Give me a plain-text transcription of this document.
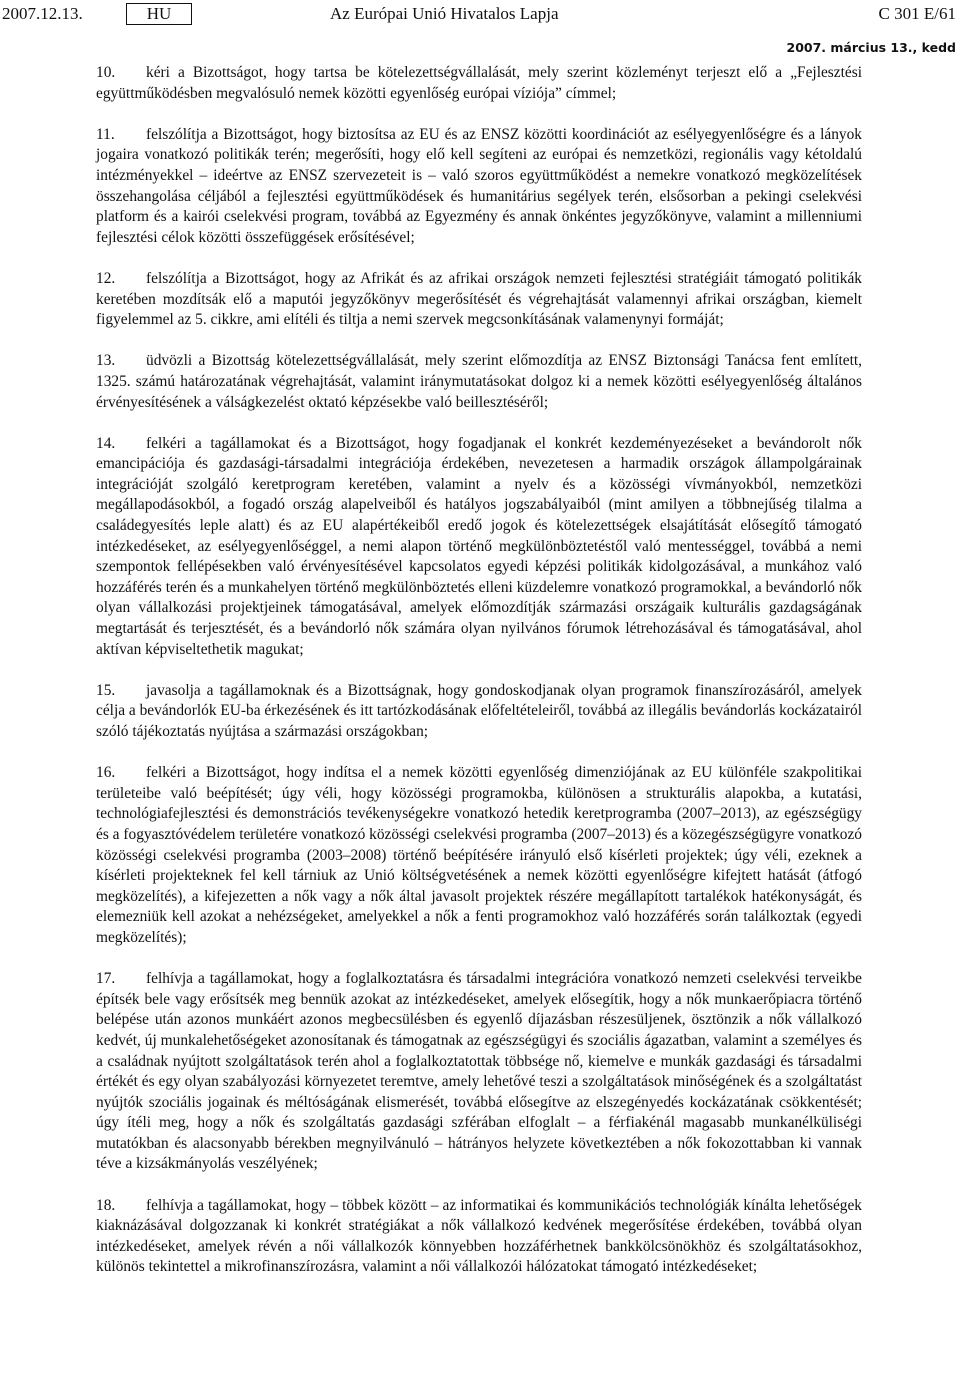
2007.12.13.	HU	Az Európai Unió Hivatalos Lapja	C 301 E/61
2007. március 13., kedd

10. kéri a Bizottságot, hogy tartsa be kötelezettségvállalását, mely szerint közleményt terjeszt elő a „Fejlesztési együttműködésben megvalósuló nemek közötti egyenlőség európai víziója” címmel;

11. felszólítja a Bizottságot, hogy biztosítsa az EU és az ENSZ közötti koordinációt az esélyegyenlőségre és a lányok jogaira vonatkozó politikák terén; megerősíti, hogy elő kell segíteni az európai és nemzetközi, regionális vagy kétoldalú intézményekkel – ideértve az ENSZ szervezeteit is – való szoros együttműködést a nemekre vonatkozó megközelítések összehangolása céljából a fejlesztési együttműködések és humanitárius segélyek terén, elsősorban a pekingi cselekvési platform és a kairói cselekvési program, továbbá az Egyezmény és annak önkéntes jegyzőkönyve, valamint a millenniumi fejlesztési célok közötti összefüggések erősítésével;

12. felszólítja a Bizottságot, hogy az Afrikát és az afrikai országok nemzeti fejlesztési stratégiáit támogató politikák keretében mozdítsák elő a maputói jegyzőkönyv megerősítését és végrehajtását valamennyi afrikai országban, kiemelt figyelemmel az 5. cikkre, ami elítéli és tiltja a nemi szervek megcsonkításának valamenynyi formáját;

13. üdvözli a Bizottság kötelezettségvállalását, mely szerint előmozdítja az ENSZ Biztonsági Tanácsa fent említett, 1325. számú határozatának végrehajtását, valamint iránymutatásokat dolgoz ki a nemek közötti esélyegyenlőség általános érvényesítésének a válságkezelést oktató képzésekbe való beillesztéséről;

14. felkéri a tagállamokat és a Bizottságot, hogy fogadjanak el konkrét kezdeményezéseket a bevándorolt nők emancipációja és gazdasági-társadalmi integrációja érdekében, nevezetesen a harmadik országok állampolgárainak integrációját szolgáló keretprogram keretében, valamint a nyelv és a közösségi vívmányokból, nemzetközi megállapodásokból, a fogadó ország alapelveiből és hatályos jogszabályaiból (mint amilyen a többnejűség tilalma a családegyesítés leple alatt) és az EU alapértékeiből eredő jogok és kötelezettségek elsajátítását elősegítő támogató intézkedéseket, az esélyegyenlőséggel, a nemi alapon történő megkülönböztetéstől való mentességgel, továbbá a nemi szempontok fellépésekben való érvényesítésével kapcsolatos egyedi képzési politikák kidolgozásával, a munkához való hozzáférés terén és a munkahelyen történő megkülönböztetés elleni küzdelemre vonatkozó programokkal, a bevándorló nők olyan vállalkozási projektjeinek támogatásával, amelyek előmozdítják származási országaik kulturális gazdagságának megtartását és terjesztését, és a bevándorló nők számára olyan nyilvános fórumok létrehozásával és támogatásával, ahol aktívan képviseltethetik magukat;

15. javasolja a tagállamoknak és a Bizottságnak, hogy gondoskodjanak olyan programok finanszírozásáról, amelyek célja a bevándorlók EU-ba érkezésének és itt tartózkodásának előfeltételeiről, továbbá az illegális bevándorlás kockázatairól szóló tájékoztatás nyújtása a származási országokban;

16. felkéri a Bizottságot, hogy indítsa el a nemek közötti egyenlőség dimenziójának az EU különféle szakpolitikai területeibe való beépítését; úgy véli, hogy közösségi programokba, különösen a strukturális alapokba, a kutatási, technológiafejlesztési és demonstrációs tevékenységekre vonatkozó hetedik keretprogramba (2007–2013), az egészségügy és a fogyasztóvédelem területére vonatkozó közösségi cselekvési programba (2007–2013) és a közegészségügyre vonatkozó közösségi cselekvési programba (2003–2008) történő beépítésére irányuló első kísérleti projektek; úgy véli, ezeknek a kísérleti projekteknek fel kell tárniuk az Unió költségvetésének a nemek közötti egyenlőségre kifejtett hatását (átfogó megközelítés), a kifejezetten a nők vagy a nők által javasolt projektek részére megállapított tartalékok hatékonyságát, és elemezniük kell azokat a nehézségeket, amelyekkel a nők a fenti programokhoz való hozzáférés során találkoztak (egyedi megközelítés);

17. felhívja a tagállamokat, hogy a foglalkoztatásra és társadalmi integrációra vonatkozó nemzeti cselekvési terveikbe építsék bele vagy erősítsék meg bennük azokat az intézkedéseket, amelyek elősegítik, hogy a nők munkaerőpiacra történő belépése után azonos munkáért azonos megbecsülésben és egyenlő díjazásban részesüljenek, ösztönzik a nők vállalkozó kedvét, új munkalehetőségeket azonosítanak és támogatnak az egészségügyi és szociális ágazatban, valamint a személyes és a családnak nyújtott szolgáltatások terén ahol a foglalkoztatottak többsége nő, kiemelve e munkák gazdasági és társadalmi értékét és egy olyan szabályozási környezetet teremtve, amely lehetővé teszi a szolgáltatások minőségének és a szolgáltatást nyújtók szociális jogainak és méltóságának elismerését, továbbá elősegítve az elszegényedés kockázatának csökkentését; úgy ítéli meg, hogy a nők és szolgáltatás gazdasági szférában elfoglalt – a férfiakénál magasabb munkanélküliségi mutatókban és alacsonyabb bérekben megnyilvánuló – hátrányos helyzete következtében a nők fokozottabban ki vannak téve a kizsákmányolás veszélyének;

18. felhívja a tagállamokat, hogy – többek között – az informatikai és kommunikációs technológiák kínálta lehetőségek kiaknázásával dolgozzanak ki konkrét stratégiákat a nők vállalkozó kedvének megerősítése érdekében, továbbá olyan intézkedéseket, amelyek révén a női vállalkozók könnyebben hozzáférhetnek bankkölcsönökhöz és szolgáltatásokhoz, különös tekintettel a mikrofinanszírozásra, valamint a női vállalkozói hálózatokat támogató intézkedéseket;
